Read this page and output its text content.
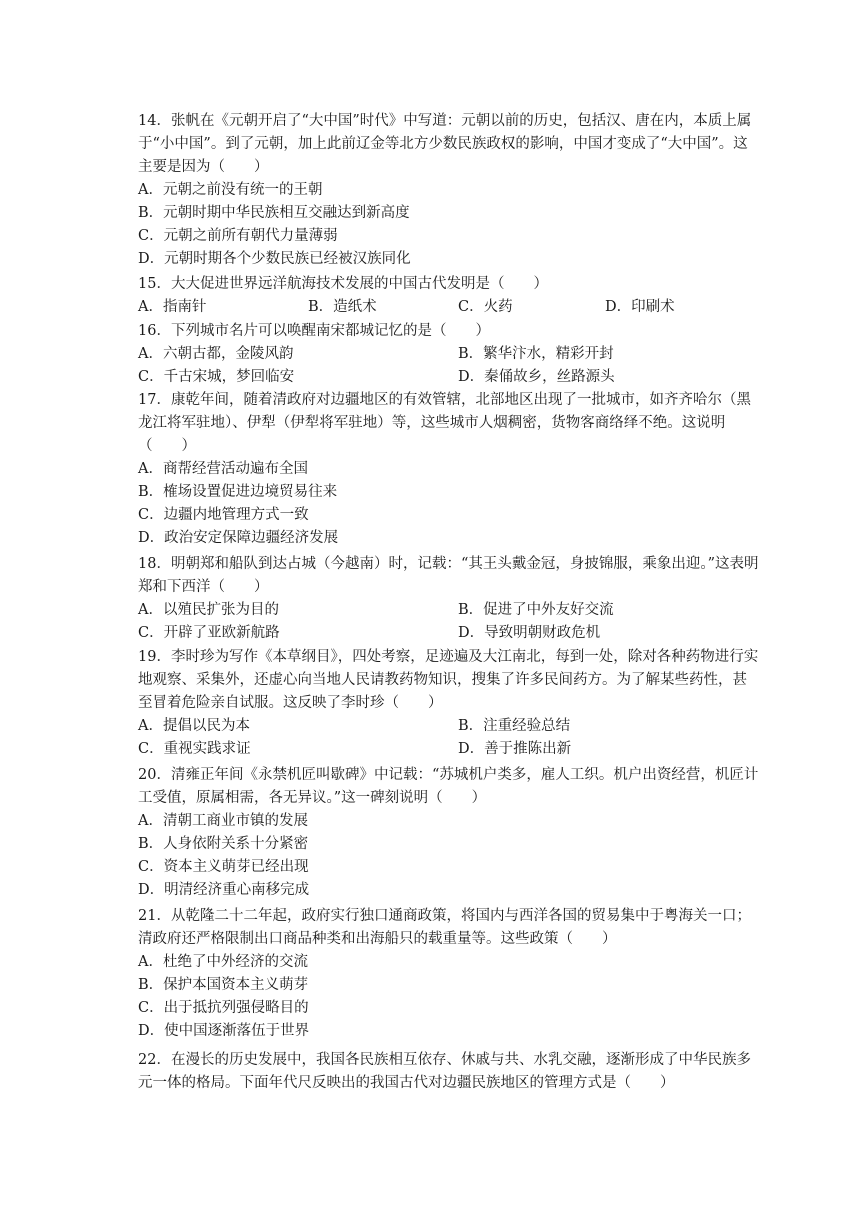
14．张帆在《元朝开启了“大中国”时代》中写道：元朝以前的历史，包括汉、唐在内，本质上属于“小中国”。到了元朝，加上此前辽金等北方少数民族政权的影响，中国才变成了“大中国”。这主要是因为（　　）

A．元朝之前没有统一的王朝

B．元朝时期中华民族相互交融达到新高度

C．元朝之前所有朝代力量薄弱

D．元朝时期各个少数民族已经被汉族同化

15．大大促进世界远洋航海技术发展的中国古代发明是（　　）

A．指南针	B．造纸术	C．火药	D．印刷术

16．下列城市名片可以唤醒南宋都城记忆的是（　　）

A．六朝古都，金陵风韵	B．繁华汴水，精彩开封
C．千古宋城，梦回临安	D．秦俑故乡，丝路源头

17．康乾年间，随着清政府对边疆地区的有效管辖，北部地区出现了一批城市，如齐齐哈尔（黑龙江将军驻地）、伊犁（伊犁将军驻地）等，这些城市人烟稠密，货物客商络绎不绝。这说明（　　）

A．商帮经营活动遍布全国

B．榷场设置促进边境贸易往来

C．边疆内地管理方式一致

D．政治安定保障边疆经济发展

18．明朝郑和船队到达占城（今越南）时，记载：“其王头戴金冠，身披锦服，乘象出迎。”这表明郑和下西洋（　　）

A．以殖民扩张为目的	B．促进了中外友好交流
C．开辟了亚欧新航路	D．导致明朝财政危机

19．李时珍为写作《本草纲目》，四处考察，足迹遍及大江南北，每到一处，除对各种药物进行实地观察、采集外，还虚心向当地人民请教药物知识，搜集了许多民间药方。为了解某些药性，甚至冒着危险亲自试服。这反映了李时珍（　　）

A．提倡以民为本	B．注重经验总结
C．重视实践求证	D．善于推陈出新

20．清雍正年间《永禁机匠叫歇碑》中记载：“苏城机户类多，雇人工织。机户出资经营，机匠计工受值，原属相需，各无异议。”这一碑刻说明（　　）

A．清朝工商业市镇的发展

B．人身依附关系十分紧密

C．资本主义萌芽已经出现

D．明清经济重心南移完成

21．从乾隆二十二年起，政府实行独口通商政策，将国内与西洋各国的贸易集中于粤海关一口；清政府还严格限制出口商品种类和出海船只的载重量等。这些政策（　　）

A．杜绝了中外经济的交流

B．保护本国资本主义萌芽

C．出于抵抗列强侵略目的

D．使中国逐渐落伍于世界

22．在漫长的历史发展中，我国各民族相互依存、休戚与共、水乳交融，逐渐形成了中华民族多元一体的格局。下面年代尺反映出的我国古代对边疆民族地区的管理方式是（　　）
